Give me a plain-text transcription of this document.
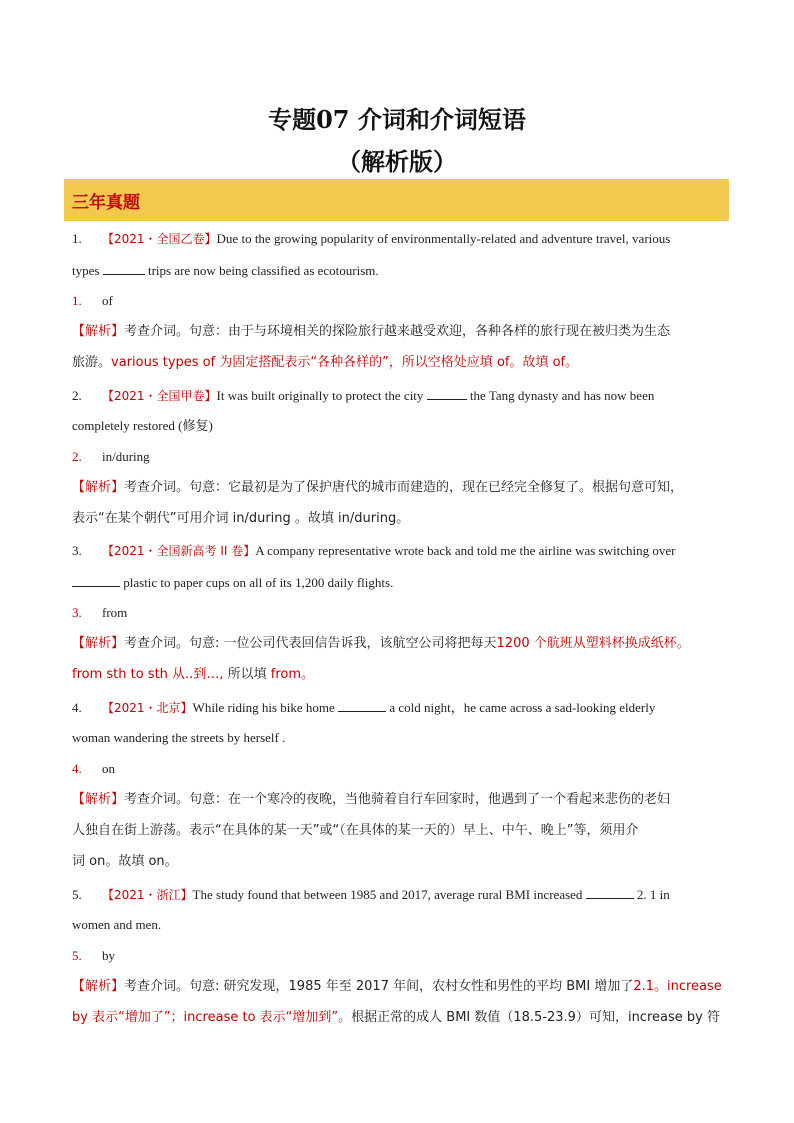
专题07 介词和介词短语
（解析版）
三年真题
1. 【2021・全国乙卷】Due to the growing popularity of environmentally-related and adventure travel, various
types	trips are now being classified as ecotourism.
1. of
【解析】考查介词。句意：由于与环境相关的探险旅行越来越受欢迎，各种各样的旅行现在被归类为生态
旅游。various types of 为固定搭配表示“各种各样的”，所以空格处应填 of。故填 of。
2. 【2021・全国甲卷】It was built originally to protect the city	the Tang dynasty and has now been
completely restored (修复)
2. in/during
【解析】考查介词。句意：它最初是为了保护唐代的城市而建造的，现在已经完全修复了。根据句意可知，
表示“在某个朝代”可用介词 in/during 。故填 in/during。
3. 【2021・全国新高考 II 卷】A company representative wrote back and told me the airline was switching over
plastic to paper cups on all of its 1,200 daily flights.
3. from
【解析】考查介词。句意: 一位公司代表回信告诉我，该航空公司将把每天1200 个航班从塑料杯换成纸杯。
from sth to sth 从..到…, 所以填 from。
4. 【2021・北京】While riding his bike home	a cold night，he came across a sad-looking elderly
woman wandering the streets by herself .
4. on
【解析】考查介词。句意：在一个寒冷的夜晚，当他骑着自行车回家时，他遇到了一个看起来悲伤的老妇
人独自在街上游荡。表示“在具体的某一天”或“（在具体的某一天的）早上、中午、晚上”等，须用介
词 on。故填 on。
5. 【2021・浙江】The study found that between 1985 and 2017, average rural BMI increased	2. 1 in
women and men.
5. by
【解析】考查介词。句意: 研究发现，1985 年至 2017 年间，农村女性和男性的平均 BMI 增加了2.1。increase
by 表示“增加了”；increase to 表示“增加到”。根据正常的成人 BMI 数值（18.5-23.9）可知，increase by 符
